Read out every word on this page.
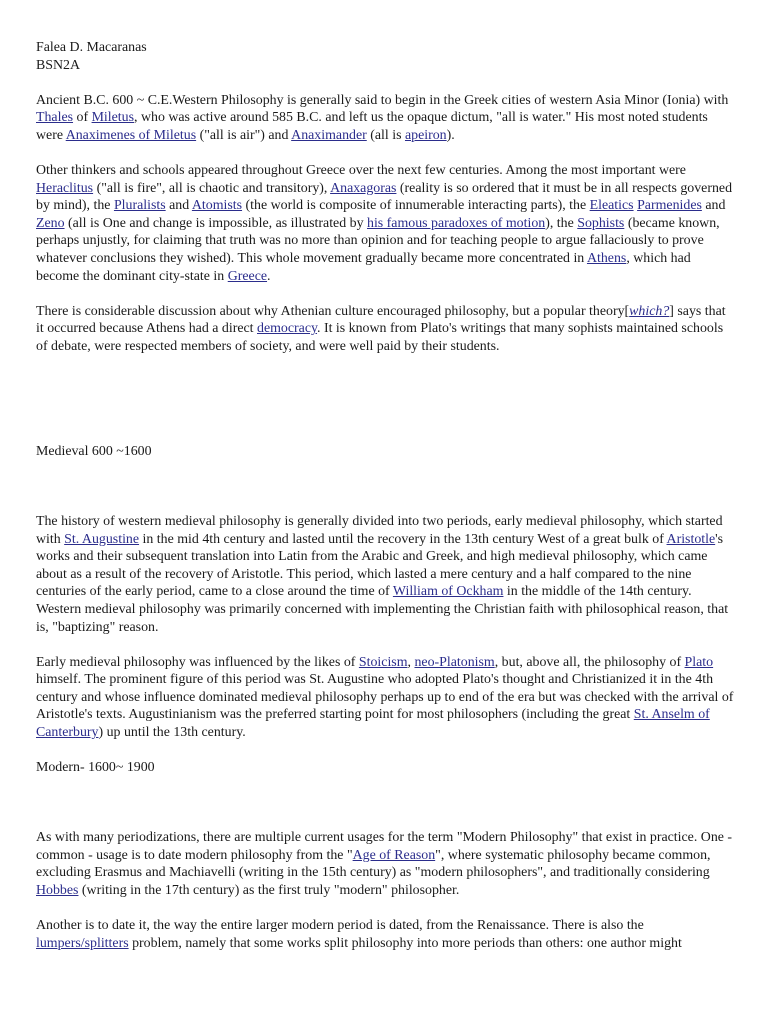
Falea D. Macaranas
BSN2A

Ancient B.C. 600 ~ C.E.Western Philosophy is generally said to begin in the Greek cities of western Asia Minor (Ionia) with Thales of Miletus, who was active around 585 B.C. and left us the opaque dictum, "all is water." His most noted students were Anaximenes of Miletus ("all is air") and Anaximander (all is apeiron).

Other thinkers and schools appeared throughout Greece over the next few centuries. Among the most important were Heraclitus ("all is fire", all is chaotic and transitory), Anaxagoras (reality is so ordered that it must be in all respects governed by mind), the Pluralists and Atomists (the world is composite of innumerable interacting parts), the Eleatics Parmenides and Zeno (all is One and change is impossible, as illustrated by his famous paradoxes of motion), the Sophists (became known, perhaps unjustly, for claiming that truth was no more than opinion and for teaching people to argue fallaciously to prove whatever conclusions they wished). This whole movement gradually became more concentrated in Athens, which had become the dominant city-state in Greece.

There is considerable discussion about why Athenian culture encouraged philosophy, but a popular theory[which?] says that it occurred because Athens had a direct democracy. It is known from Plato's writings that many sophists maintained schools of debate, were respected members of society, and were well paid by their students.

Medieval 600 ~1600

The history of western medieval philosophy is generally divided into two periods, early medieval philosophy, which started with St. Augustine in the mid 4th century and lasted until the recovery in the 13th century West of a great bulk of Aristotle's works and their subsequent translation into Latin from the Arabic and Greek, and high medieval philosophy, which came about as a result of the recovery of Aristotle. This period, which lasted a mere century and a half compared to the nine centuries of the early period, came to a close around the time of William of Ockham in the middle of the 14th century. Western medieval philosophy was primarily concerned with implementing the Christian faith with philosophical reason, that is, "baptizing" reason.

Early medieval philosophy was influenced by the likes of Stoicism, neo-Platonism, but, above all, the philosophy of Plato himself. The prominent figure of this period was St. Augustine who adopted Plato's thought and Christianized it in the 4th century and whose influence dominated medieval philosophy perhaps up to end of the era but was checked with the arrival of Aristotle's texts. Augustinianism was the preferred starting point for most philosophers (including the great St. Anselm of Canterbury) up until the 13th century.

Modern- 1600~ 1900

As with many periodizations, there are multiple current usages for the term "Modern Philosophy" that exist in practice. One - common - usage is to date modern philosophy from the "Age of Reason", where systematic philosophy became common, excluding Erasmus and Machiavelli (writing in the 15th century) as "modern philosophers", and traditionally considering Hobbes (writing in the 17th century) as the first truly "modern" philosopher.

Another is to date it, the way the entire larger modern period is dated, from the Renaissance. There is also the lumpers/splitters problem, namely that some works split philosophy into more periods than others: one author might
